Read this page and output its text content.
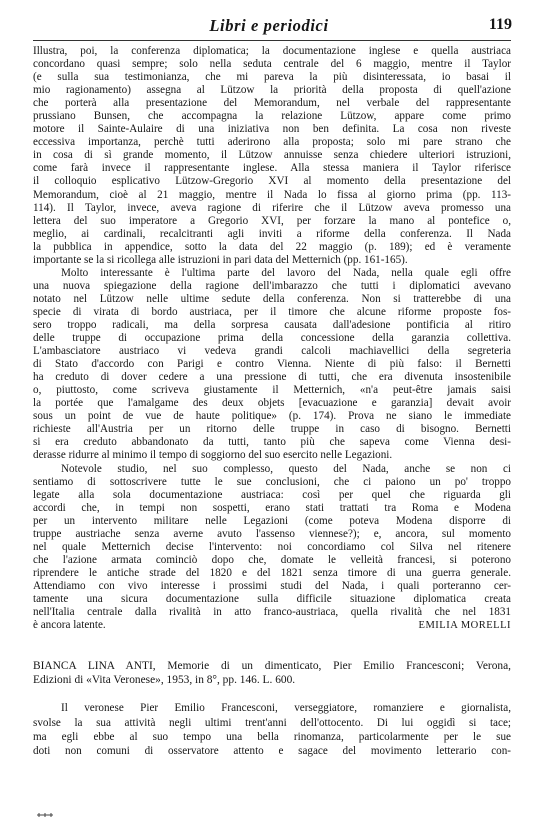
Libri e periodici	119
Illustra, poi, la conferenza diplomatica; la documentazione inglese e quella austriaca
concordano quasi sempre; solo nella seduta centrale del 6 maggio, mentre il Taylor
(e sulla sua testimonianza, che mi pareva la più disinteressata, io basai il
mio ragionamento) assegna al Lützow la priorità della proposta di quell'azione
che porterà alla presentazione del Memorandum, nel verbale del rappresentante
prussiano Bunsen, che accompagna la relazione Lützow, appare come primo
motore il Sainte-Aulaire di una iniziativa non ben definita. La cosa non riveste
eccessiva importanza, perchè tutti aderirono alla proposta; solo mi pare strano che
in cosa di sì grande momento, il Lützow annuisse senza chiedere ulteriori istruzioni,
come farà invece il rappresentante inglese. Alla stessa maniera il Taylor riferisce
il colloquio esplicativo Lützow-Gregorio XVI al momento della presentazione del
Memorandum, cioè al 21 maggio, mentre il Nada lo fissa al giorno prima (pp. 113-
114). Il Taylor, invece, aveva ragione di riferire che il Lützow aveva promesso una
lettera del suo imperatore a Gregorio XVI, per forzare la mano al pontefice o,
meglio, ai cardinali, recalcitranti agli inviti a riforme della conferenza. Il Nada
la pubblica in appendice, sotto la data del 22 maggio (p. 189); ed è veramente
importante se la si ricollega alle istruzioni in pari data del Metternich (pp. 161-165).
Molto interessante è l'ultima parte del lavoro del Nada, nella quale egli offre
una nuova spiegazione della ragione dell'imbarazzo che tutti i diplomatici avevano
notato nel Lützow nelle ultime sedute della conferenza. Non si tratterebbe di una
specie di virata di bordo austriaca, per il timore che alcune riforme proposte fos-
sero troppo radicali, ma della sorpresa causata dall'adesione pontificia al ritiro
delle truppe di occupazione prima della concessione della garanzia collettiva.
L'ambasciatore austriaco vi vedeva grandi calcoli machiavellici della segreteria
di Stato d'accordo con Parigi e contro Vienna. Niente di più falso: il Bernetti
ha creduto di dover cedere a una pressione di tutti, che era divenuta insostenibile
o, piuttosto, come scriveva giustamente il Metternich, «n'a peut-être jamais saisi
la portée que l'amalgame des deux objets [evacuazione e garanzia] devait avoir
sous un point de vue de haute politique» (p. 174). Prova ne siano le immediate
richieste all'Austria per un ritorno delle truppe in caso di bisogno. Bernetti
si era creduto abbandonato da tutti, tanto più che sapeva come Vienna desi-
derasse ridurre al minimo il tempo di soggiorno del suo esercito nelle Legazioni.
Notevole studio, nel suo complesso, questo del Nada, anche se non ci
sentiamo di sottoscrivere tutte le sue conclusioni, che ci paiono un po' troppo
legate alla sola documentazione austriaca: così per quel che riguarda gli
accordi che, in tempi non sospetti, erano stati trattati tra Roma e Modena
per un intervento militare nelle Legazioni (come poteva Modena disporre di
truppe austriache senza averne avuto l'assenso viennese?); e, ancora, sul momento
nel quale Metternich decise l'intervento: noi concordiamo col Silva nel ritenere
che l'azione armata cominciò dopo che, domate le velleità francesi, si poterono
riprendere le antiche strade del 1820 e del 1821 senza timore di una guerra generale.
Attendiamo con vivo interesse i prossimi studi del Nada, i quali porteranno cer-
tamente una sicura documentazione sulla difficile situazione diplomatica creata
nell'Italia centrale dalla rivalità in atto franco-austriaca, quella rivalità che nel 1831
è ancora latente.	EMILIA MORELLI
BIANCA LINA ANTI, Memorie di un dimenticato, Pier Emilio Francesconi; Verona,
Edizioni di «Vita Veronese», 1953, in 8°, pp. 146. L. 600.
Il veronese Pier Emilio Francesconi, verseggiatore, romanziere e giornalista,
svolse la sua attività negli ultimi trent'anni dell'ottocento. Di lui oggidì si tace;
ma egli ebbe al suo tempo una bella rinomanza, particolarmente per le sue
doti non comuni di osservatore attento e sagace del movimento letterario con-
